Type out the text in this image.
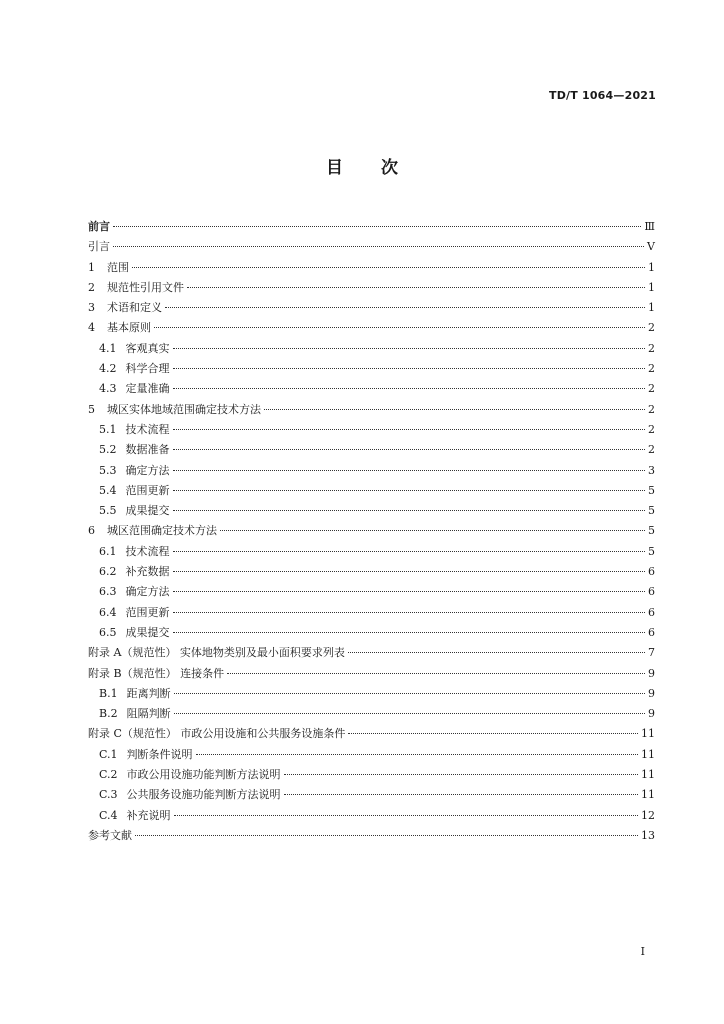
TD/T 1064—2021
目 次
前言	Ⅲ
引言	Ⅴ
1 范围	1
2 规范性引用文件	1
3 术语和定义	1
4 基本原则	2
4.1 客观真实	2
4.2 科学合理	2
4.3 定量准确	2
5 城区实体地域范围确定技术方法	2
5.1 技术流程	2
5.2 数据准备	2
5.3 确定方法	3
5.4 范围更新	5
5.5 成果提交	5
6 城区范围确定技术方法	5
6.1 技术流程	5
6.2 补充数据	6
6.3 确定方法	6
6.4 范围更新	6
6.5 成果提交	6
附录 A（规范性） 实体地物类别及最小面积要求列表	7
附录 B（规范性） 连接条件	9
B.1 距离判断	9
B.2 阻隔判断	9
附录 C（规范性） 市政公用设施和公共服务设施条件	11
C.1 判断条件说明	11
C.2 市政公用设施功能判断方法说明	11
C.3 公共服务设施功能判断方法说明	11
C.4 补充说明	12
参考文献	13
I
